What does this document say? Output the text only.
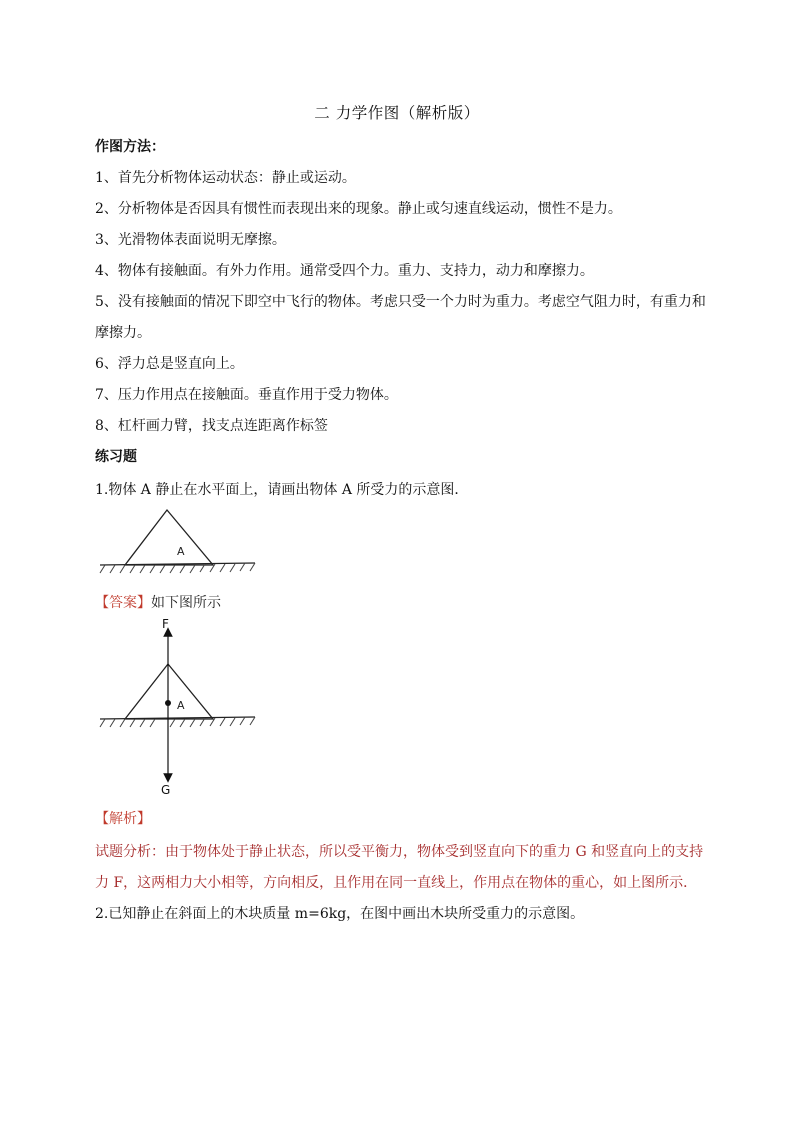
二 力学作图（解析版）
作图方法：
1、首先分析物体运动状态：静止或运动。
2、分析物体是否因具有惯性而表现出来的现象。静止或匀速直线运动，惯性不是力。
3、光滑物体表面说明无摩擦。
4、物体有接触面。有外力作用。通常受四个力。重力、支持力，动力和摩擦力。
5、没有接触面的情况下即空中飞行的物体。考虑只受一个力时为重力。考虑空气阻力时，有重力和
摩擦力。
6、浮力总是竖直向上。
7、压力作用点在接触面。垂直作用于受力物体。
8、杠杆画力臂，找支点连距离作标签
练习题
1.物体 A 静止在水平面上，请画出物体 A 所受力的示意图．
A
【答案】如下图所示
F
A
G
【解析】
试题分析：由于物体处于静止状态，所以受平衡力，物体受到竖直向下的重力 G 和竖直向上的支持
力 F，这两相力大小相等，方向相反，且作用在同一直线上，作用点在物体的重心，如上图所示．
2.已知静止在斜面上的木块质量 m=6kg，在图中画出木块所受重力的示意图。
